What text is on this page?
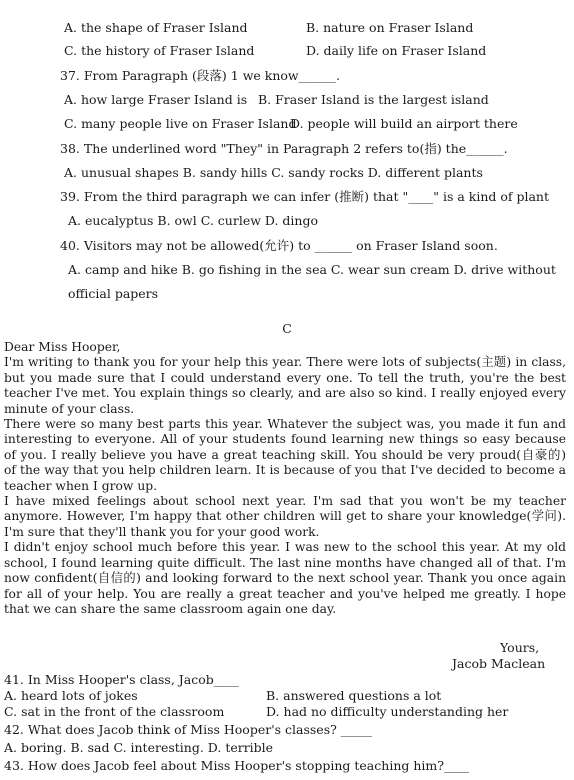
A. the shape of Fraser Island	B. nature on Fraser Island
C. the history of Fraser Island	D. daily life on Fraser Island
37. From Paragraph (段落) 1 we know______.
A. how large Fraser Island is B. Fraser Island is the largest island
C. many people live on Fraser Island
D. people will build an airport there
38. The underlined word "They" in Paragraph 2 refers to(指) the______.
A. unusual shapes B. sandy hills C. sandy rocks D. different plants
39. From the third paragraph we can infer (推断) that "____" is a kind of plant
A. eucalyptus B. owl C. curlew D. dingo
40. Visitors may not be allowed(允许) to ______ on Fraser Island soon.
A. camp and hike B. go fishing in the sea C. wear sun cream D. drive without
official papers
C

Dear Miss Hooper,

I'm writing to thank you for your help this year. There were lots of subjects(主题) in class, but you made sure that I could understand every one. To tell the truth, you're the best teacher I've met. You explain things so clearly, and are also so kind. I really enjoyed every minute of your class.

There were so many best parts this year. Whatever the subject was, you made it fun and interesting to everyone. All of your students found learning new things so easy because of you. I really believe you have a great teaching skill. You should be very proud(自豪的) of the way that you help children learn. It is because of you that I've decided to become a teacher when I grow up.

I have mixed feelings about school next year. I'm sad that you won't be my teacher anymore. However, I'm happy that other children will get to share your knowledge(学问). I'm sure that they'll thank you for your good work.

I didn't enjoy school much before this year. I was new to the school this year. At my old school, I found learning quite difficult. The last nine months have changed all of that. I'm now confident(自信的) and looking forward to the next school year. Thank you once again for all of your help. You are really a great teacher and you've helped me greatly. I hope that we can share the same classroom again one day.

Yours,
Jacob Maclean
41. In Miss Hooper's class, Jacob____
A. heard lots of jokes	B. answered questions a lot
C. sat in the front of the classroom	D. had no difficulty understanding her
42. What does Jacob think of Miss Hooper's classes? _____
A. boring. B. sad C. interesting. D. terrible
43. How does Jacob feel about Miss Hooper's stopping teaching him?____
